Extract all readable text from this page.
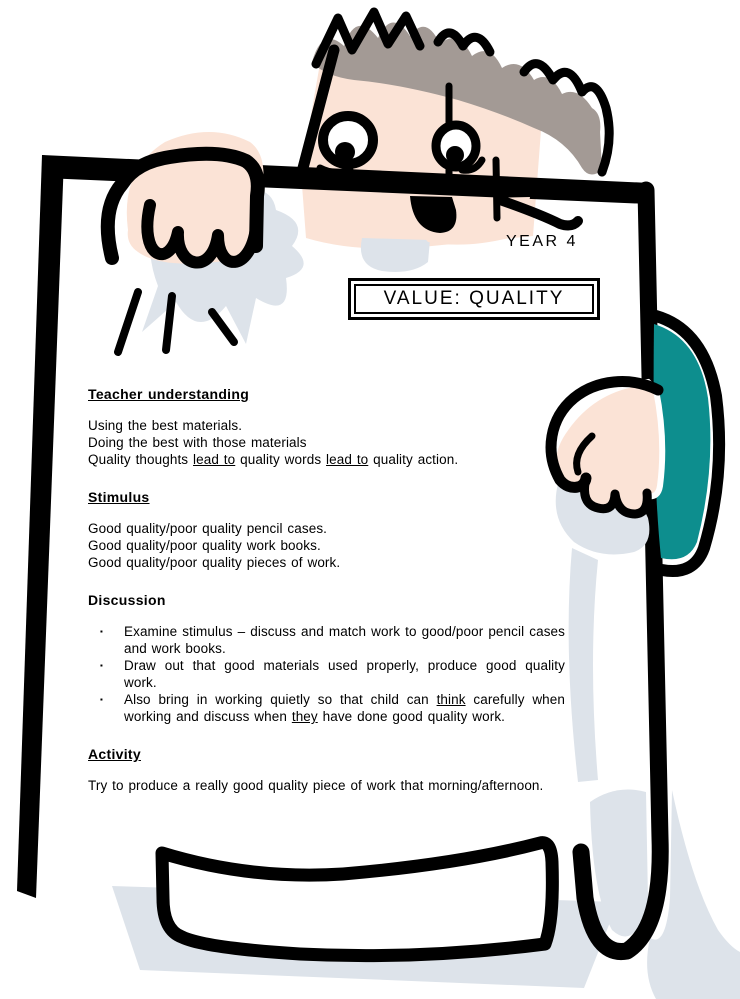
YEAR 4
VALUE: QUALITY
Teacher understanding

Using the best materials.
Doing the best with those materials
Quality thoughts lead to quality words lead to quality action.

Stimulus

Good quality/poor quality pencil cases.
Good quality/poor quality work books.
Good quality/poor quality pieces of work.

Discussion
▪	Examine stimulus – discuss and match work to good/poor pencil cases and work books.
▪	Draw out that good materials used properly, produce good quality work.
▪	Also bring in working quietly so that child can think carefully when working and discuss when they have done good quality work.
Activity

Try to produce a really good quality piece of work that morning/afternoon.
